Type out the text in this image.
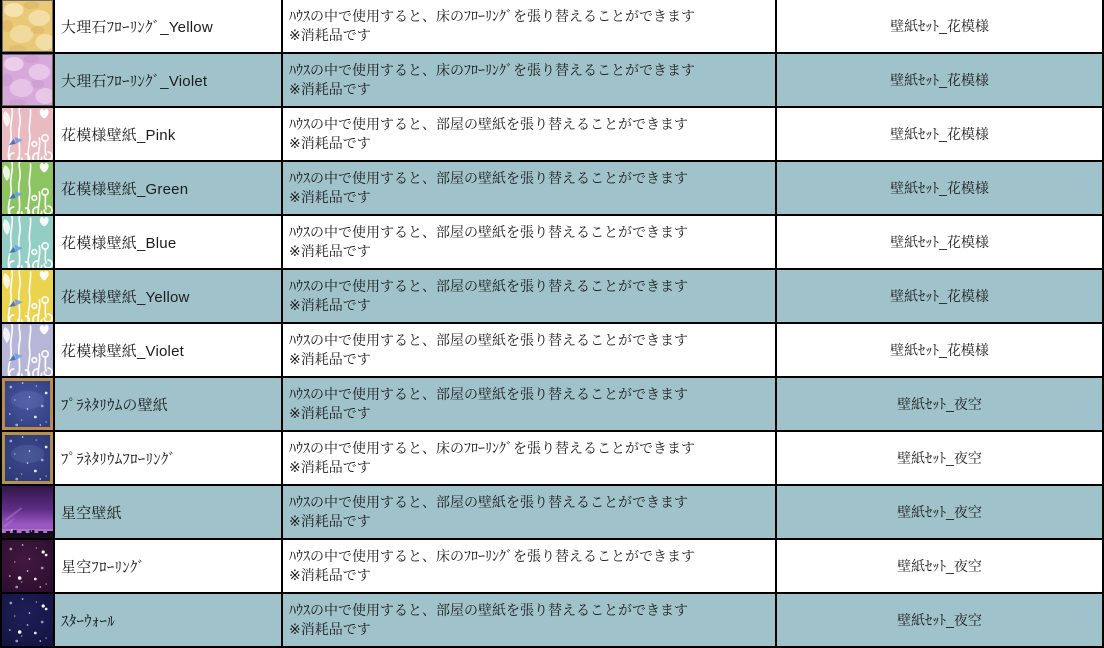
大理石ﾌﾛｰﾘﾝｸﾞ_Yellow
ﾊｳｽの中で使用すると、床のﾌﾛｰﾘﾝｸﾞを張り替えることができます
※消耗品です
壁紙ｾｯﾄ_花模様
大理石ﾌﾛｰﾘﾝｸﾞ_Violet
ﾊｳｽの中で使用すると、床のﾌﾛｰﾘﾝｸﾞを張り替えることができます
※消耗品です
壁紙ｾｯﾄ_花模様
花模様壁紙_Pink
ﾊｳｽの中で使用すると、部屋の壁紙を張り替えることができます
※消耗品です
壁紙ｾｯﾄ_花模様
花模様壁紙_Green
ﾊｳｽの中で使用すると、部屋の壁紙を張り替えることができます
※消耗品です
壁紙ｾｯﾄ_花模様
花模様壁紙_Blue
ﾊｳｽの中で使用すると、部屋の壁紙を張り替えることができます
※消耗品です
壁紙ｾｯﾄ_花模様
花模様壁紙_Yellow
ﾊｳｽの中で使用すると、部屋の壁紙を張り替えることができます
※消耗品です
壁紙ｾｯﾄ_花模様
花模様壁紙_Violet
ﾊｳｽの中で使用すると、部屋の壁紙を張り替えることができます
※消耗品です
壁紙ｾｯﾄ_花模様
ﾌﾟﾗﾈﾀﾘｳﾑの壁紙
ﾊｳｽの中で使用すると、部屋の壁紙を張り替えることができます
※消耗品です
壁紙ｾｯﾄ_夜空
ﾌﾟﾗﾈﾀﾘｳﾑﾌﾛｰﾘﾝｸﾞ
ﾊｳｽの中で使用すると、床のﾌﾛｰﾘﾝｸﾞを張り替えることができます
※消耗品です
壁紙ｾｯﾄ_夜空
星空壁紙
ﾊｳｽの中で使用すると、部屋の壁紙を張り替えることができます
※消耗品です
壁紙ｾｯﾄ_夜空
星空ﾌﾛｰﾘﾝｸﾞ
ﾊｳｽの中で使用すると、床のﾌﾛｰﾘﾝｸﾞを張り替えることができます
※消耗品です
壁紙ｾｯﾄ_夜空
ｽﾀｰｳｫｰﾙ
ﾊｳｽの中で使用すると、部屋の壁紙を張り替えることができます
※消耗品です
壁紙ｾｯﾄ_夜空
